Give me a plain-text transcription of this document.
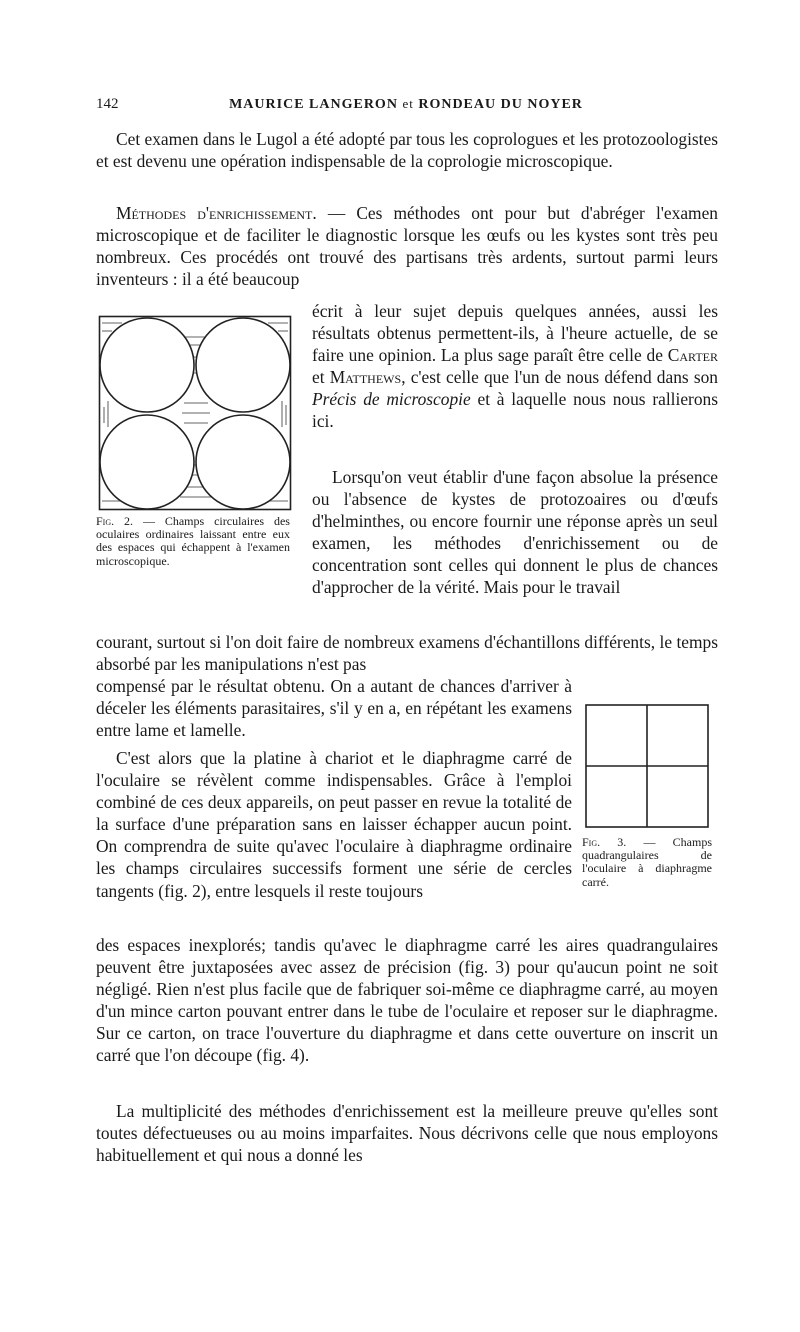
142	MAURICE LANGERON et RONDEAU DU NOYER

Cet examen dans le Lugol a été adopté par tous les coprologues et les protozoologistes et est devenu une opération indispensable de la coprologie microscopique.

Méthodes d'enrichissement. — Ces méthodes ont pour but d'abréger l'examen microscopique et de faciliter le diagnostic lorsque les œufs ou les kystes sont très peu nombreux. Ces procédés ont trouvé des partisans très ardents, surtout parmi leurs inventeurs : il a été beaucoup

écrit à leur sujet depuis quelques années, aussi les résultats obtenus permettent-ils, à l'heure actuelle, de se faire une opinion. La plus sage paraît être celle de Carter et Matthews, c'est celle que l'un de nous défend dans son Précis de microscopie et à laquelle nous nous rallierons ici.

Lorsqu'on veut établir d'une façon absolue la présence ou l'absence de kystes de protozoaires ou d'œufs d'helminthes, ou encore fournir une réponse après un seul examen, les méthodes d'enrichissement ou de concentration sont celles qui donnent le plus de chances d'approcher de la vérité. Mais pour le travail

courant, surtout si l'on doit faire de nombreux examens d'échantillons différents, le temps absorbé par les manipulations n'est pas

compensé par le résultat obtenu. On a autant de chances d'arriver à déceler les éléments parasitaires, s'il y en a, en répétant les examens entre lame et lamelle.

C'est alors que la platine à chariot et le diaphragme carré de l'oculaire se révèlent comme indispensables. Grâce à l'emploi combiné de ces deux appareils, on peut passer en revue la totalité de la surface d'une préparation sans en laisser échapper aucun point. On comprendra de suite qu'avec l'oculaire à diaphragme ordinaire les champs circulaires successifs forment une série de cercles tangents (fig. 2), entre lesquels il reste toujours

des espaces inexplorés; tandis qu'avec le diaphragme carré les aires quadrangulaires peuvent être juxtaposées avec assez de précision (fig. 3) pour qu'aucun point ne soit négligé. Rien n'est plus facile que de fabriquer soi-même ce diaphragme carré, au moyen d'un mince carton pouvant entrer dans le tube de l'oculaire et reposer sur le diaphragme. Sur ce carton, on trace l'ouverture du diaphragme et dans cette ouverture on inscrit un carré que l'on découpe (fig. 4).

La multiplicité des méthodes d'enrichissement est la meilleure preuve qu'elles sont toutes défectueuses ou au moins imparfaites. Nous décrivons celle que nous employons habituellement et qui nous a donné les

Fig. 2. — Champs circulaires des oculaires ordinaires laissant entre eux des espaces qui échappent à l'examen microscopique.

Fig. 3. — Champs quadrangulaires de l'oculaire à diaphragme carré.
